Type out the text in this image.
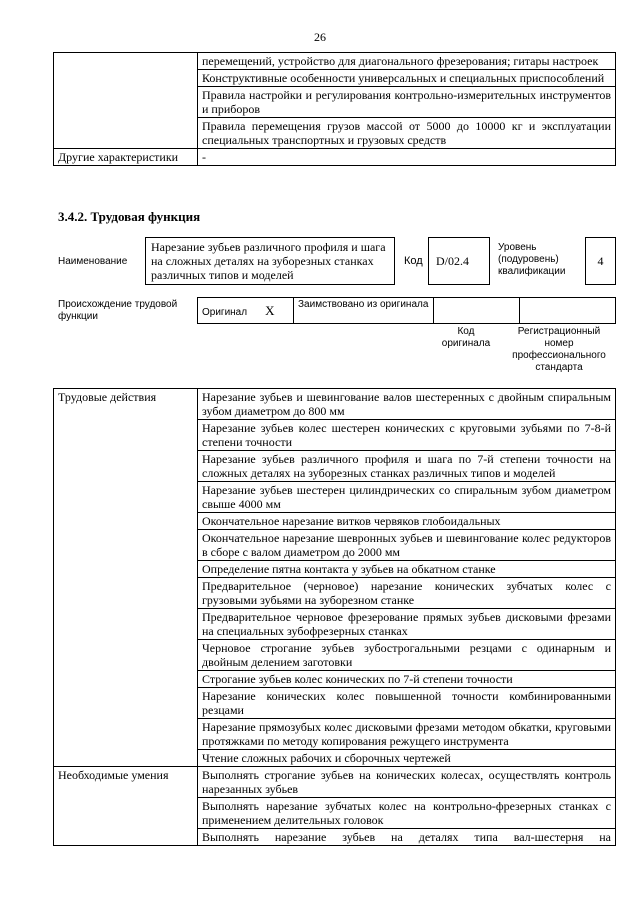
26
	перемещений, устройство для диагонального фрезерования; гитары настроек
	Конструктивные особенности универсальных и специальных приспособлений
	Правила настройки и регулирования контрольно-измерительных инструментов и приборов
	Правила перемещения грузов массой от 5000 до 10000 кг и эксплуатации специальных транспортных и грузовых средств
Другие характеристики	-
3.4.2. Трудовая функция
Наименование
Нарезание зубьев различного профиля и шага на сложных деталях на зуборезных станках различных типов и моделей
Код	D/02.4
Уровень (подуровень) квалификации
4
Происхождение трудовой функции	Оригинал X	Заимствовано из оригинала		
Код оригинала
Регистрационный номер профессионального стандарта
Трудовые действия	Нарезание зубьев и шевингование валов шестеренных с двойным спиральным зубом диаметром до 800 мм
	Нарезание зубьев колес шестерен конических с круговыми зубьями по 7-8-й степени точности
	Нарезание зубьев различного профиля и шага по 7-й степени точности на сложных деталях на зуборезных станках различных типов и моделей
	Нарезание зубьев шестерен цилиндрических со спиральным зубом диаметром свыше 4000 мм
	Окончательное нарезание витков червяков глобоидальных
	Окончательное нарезание шевронных зубьев и шевингование колес редукторов в сборе с валом диаметром до 2000 мм
	Определение пятна контакта у зубьев на обкатном станке
	Предварительное (черновое) нарезание конических зубчатых колес с грузовыми зубьями на зуборезном станке
	Предварительное черновое фрезерование прямых зубьев дисковыми фрезами на специальных зубофрезерных станках
	Черновое строгание зубьев зубострогальными резцами с одинарным и двойным делением заготовки
	Строгание зубьев колес конических по 7-й степени точности
	Нарезание конических колес повышенной точности комбинированными резцами
	Нарезание прямозубых колес дисковыми фрезами методом обкатки, круговыми протяжками по методу копирования режущего инструмента
	Чтение сложных рабочих и сборочных чертежей
Необходимые умения	Выполнять строгание зубьев на конических колесах, осуществлять контроль нарезанных зубьев
	Выполнять нарезание зубчатых колес на контрольно-фрезерных станках с применением делительных головок
	Выполнять нарезание зубьев на деталях типа вал-шестерня на
